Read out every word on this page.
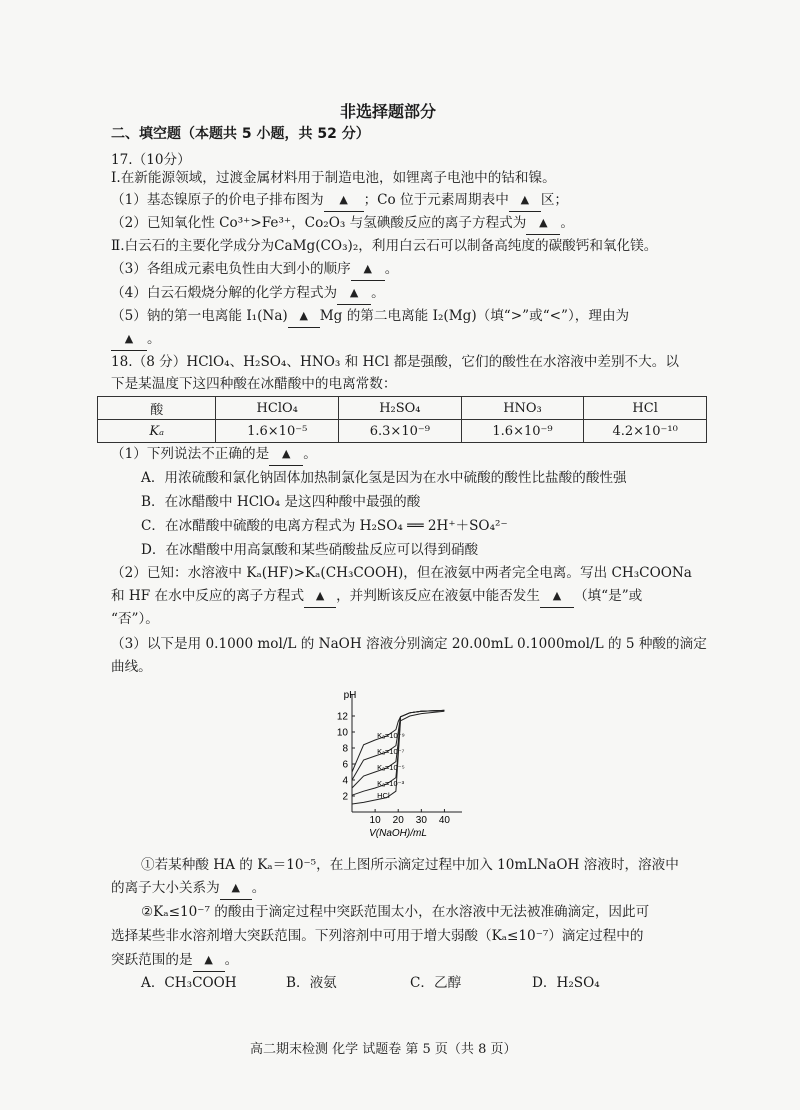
非选择题部分
二、填空题（本题共 5 小题，共 52 分）
17.（10分）
Ⅰ.在新能源领域，过渡金属材料用于制造电池，如锂离子电池中的钴和镍。
（1）基态镍原子的价电子排布图为 ▲ ；Co 位于元素周期表中 ▲ 区；
（2）已知氧化性 Co³⁺>Fe³⁺，Co₂O₃ 与氢碘酸反应的离子方程式为 ▲ 。
Ⅱ.白云石的主要化学成分为CaMg(CO₃)₂，利用白云石可以制备高纯度的碳酸钙和氧化镁。
（3）各组成元素电负性由大到小的顺序 ▲ 。
（4）白云石煅烧分解的化学方程式为 ▲ 。
（5）钠的第一电离能 I₁(Na) ▲ Mg 的第二电离能 I₂(Mg)（填“>”或“<”），理由为
▲ 。
18.（8 分）HClO₄、H₂SO₄、HNO₃ 和 HCl 都是强酸，它们的酸性在水溶液中差别不大。以
下是某温度下这四种酸在冰醋酸中的电离常数：
酸	HClO₄	H₂SO₄	HNO₃	HCl
Kₐ	1.6×10⁻⁵	6.3×10⁻⁹	1.6×10⁻⁹	4.2×10⁻¹⁰
（1）下列说法不正确的是 ▲ 。
A．用浓硫酸和氯化钠固体加热制氯化氢是因为在水中硫酸的酸性比盐酸的酸性强
B．在冰醋酸中 HClO₄ 是这四种酸中最强的酸
C．在冰醋酸中硫酸的电离方程式为 H₂SO₄ ══ 2H⁺＋SO₄²⁻
D．在冰醋酸中用高氯酸和某些硝酸盐反应可以得到硝酸
（2）已知：水溶液中 Kₐ(HF)>Kₐ(CH₃COOH)，但在液氨中两者完全电离。写出 CH₃COONa
和 HF 在水中反应的离子方程式 ▲ ，并判断该反应在液氨中能否发生 ▲ （填“是”或
“否”）。
（3）以下是用 0.1000 mol/L 的 NaOH 溶液分别滴定 20.00mL 0.1000mol/L 的 5 种酸的滴定
曲线。
2
4
6
8
10
12
10 20 30 40
pH
V(NaOH)/mL
Kₐ=10⁻⁹
Kₐ=10⁻⁷
Kₐ=10⁻⁵
Kₐ=10⁻³
HCl
①若某种酸 HA 的 Kₐ＝10⁻⁵，在上图所示滴定过程中加入 10mLNaOH 溶液时，溶液中
的离子大小关系为 ▲ 。
②Kₐ≤10⁻⁷ 的酸由于滴定过程中突跃范围太小，在水溶液中无法被准确滴定，因此可
选择某些非水溶剂增大突跃范围。下列溶剂中可用于增大弱酸（Kₐ≤10⁻⁷）滴定过程中的
突跃范围的是 ▲ 。
A．CH₃COOH	B．液氨	C．乙醇	D．H₂SO₄
高二期末检测 化学 试题卷 第 5 页（共 8 页）
